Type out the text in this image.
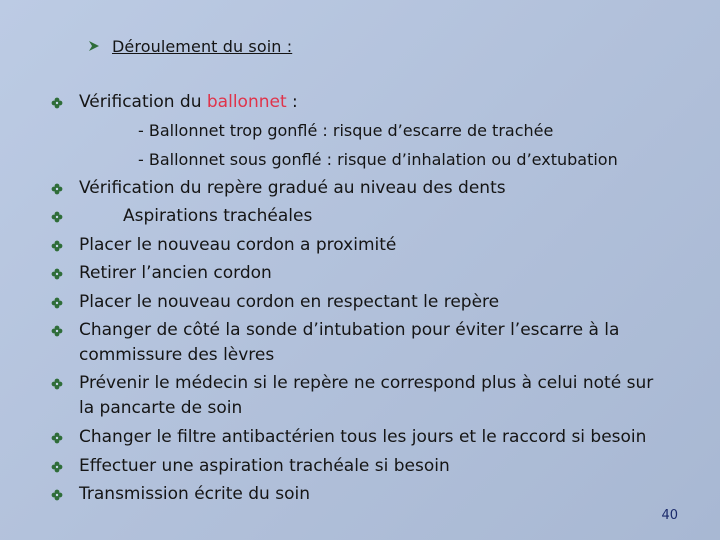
Déroulement du soin :
Vérification du ballonnet :
- Ballonnet trop gonflé : risque d’escarre de trachée
- Ballonnet sous gonflé : risque d’inhalation ou d’extubation
Vérification du repère gradué au niveau des dents
Aspirations trachéales
Placer le nouveau cordon a proximité
Retirer l’ancien cordon
Placer le nouveau cordon en respectant le repère
Changer de côté la sonde d’intubation pour éviter l’escarre à la
commissure des lèvres
Prévenir le médecin si le repère ne correspond plus à celui noté sur
la pancarte de soin
Changer le filtre antibactérien tous les jours et le raccord si besoin
Effectuer une aspiration trachéale si besoin
Transmission écrite du soin
40
